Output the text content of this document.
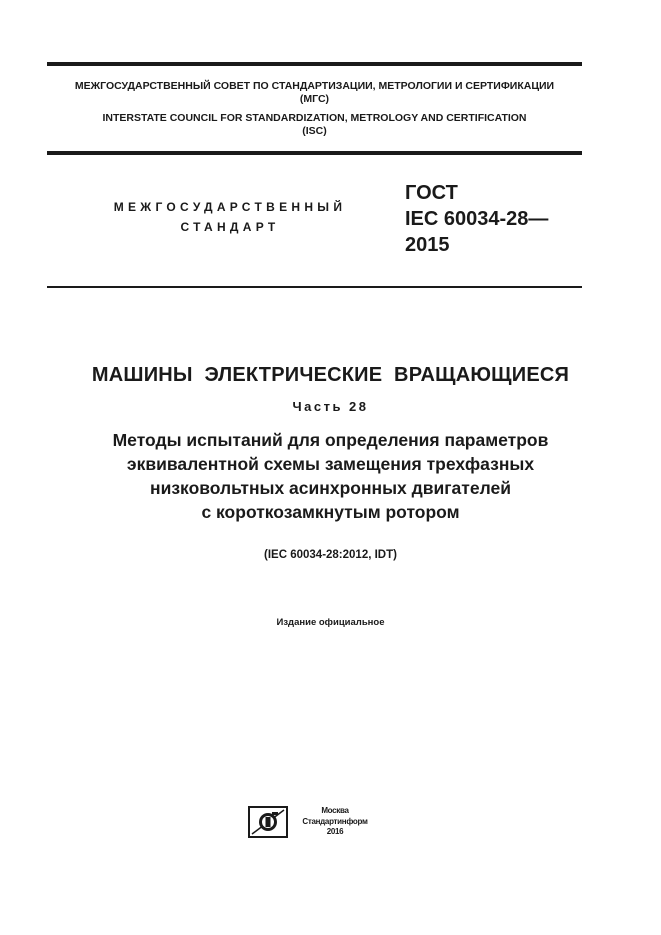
МЕЖГОСУДАРСТВЕННЫЙ СОВЕТ ПО СТАНДАРТИЗАЦИИ, МЕТРОЛОГИИ И СЕРТИФИКАЦИИ
(МГС)
INTERSTATE COUNCIL FOR STANDARDIZATION, METROLOGY AND CERTIFICATION
(ISC)
МЕЖГОСУДАРСТВЕННЫЙ
СТАНДАРТ
ГОСТ
IEC 60034-28—
2015
МАШИНЫ ЭЛЕКТРИЧЕСКИЕ ВРАЩАЮЩИЕСЯ
Часть 28
Методы испытаний для определения параметров
эквивалентной схемы замещения трехфазных
низковольтных асинхронных двигателей
с короткозамкнутым ротором
(IEC 60034-28:2012, IDT)
Издание официальное
Москва
Стандартинформ
2016
